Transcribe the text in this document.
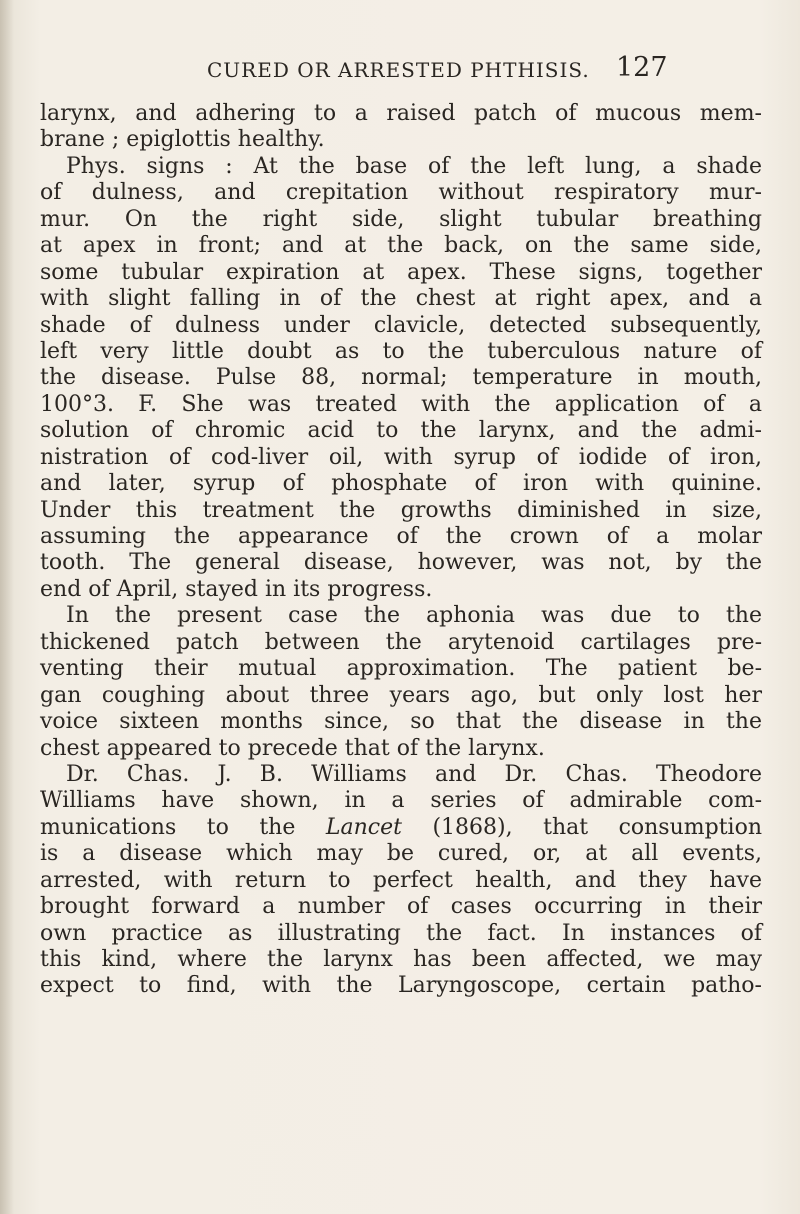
CURED OR ARRESTED PHTHISIS. 127
larynx, and adhering to a raised patch of mucous mem-
brane ; epiglottis healthy.
Phys. signs : At the base of the left lung, a shade
of dulness, and crepitation without respiratory mur-
mur. On the right side, slight tubular breathing
at apex in front; and at the back, on the same side,
some tubular expiration at apex. These signs, together
with slight falling in of the chest at right apex, and a
shade of dulness under clavicle, detected subsequently,
left very little doubt as to the tuberculous nature of
the disease. Pulse 88, normal; temperature in mouth,
100°3. F. She was treated with the application of a
solution of chromic acid to the larynx, and the admi-
nistration of cod-liver oil, with syrup of iodide of iron,
and later, syrup of phosphate of iron with quinine.
Under this treatment the growths diminished in size,
assuming the appearance of the crown of a molar
tooth. The general disease, however, was not, by the
end of April, stayed in its progress.
In the present case the aphonia was due to the
thickened patch between the arytenoid cartilages pre-
venting their mutual approximation. The patient be-
gan coughing about three years ago, but only lost her
voice sixteen months since, so that the disease in the
chest appeared to precede that of the larynx.
Dr. Chas. J. B. Williams and Dr. Chas. Theodore
Williams have shown, in a series of admirable com-
munications to the Lancet (1868), that consumption
is a disease which may be cured, or, at all events,
arrested, with return to perfect health, and they have
brought forward a number of cases occurring in their
own practice as illustrating the fact. In instances of
this kind, where the larynx has been affected, we may
expect to find, with the Laryngoscope, certain patho-
